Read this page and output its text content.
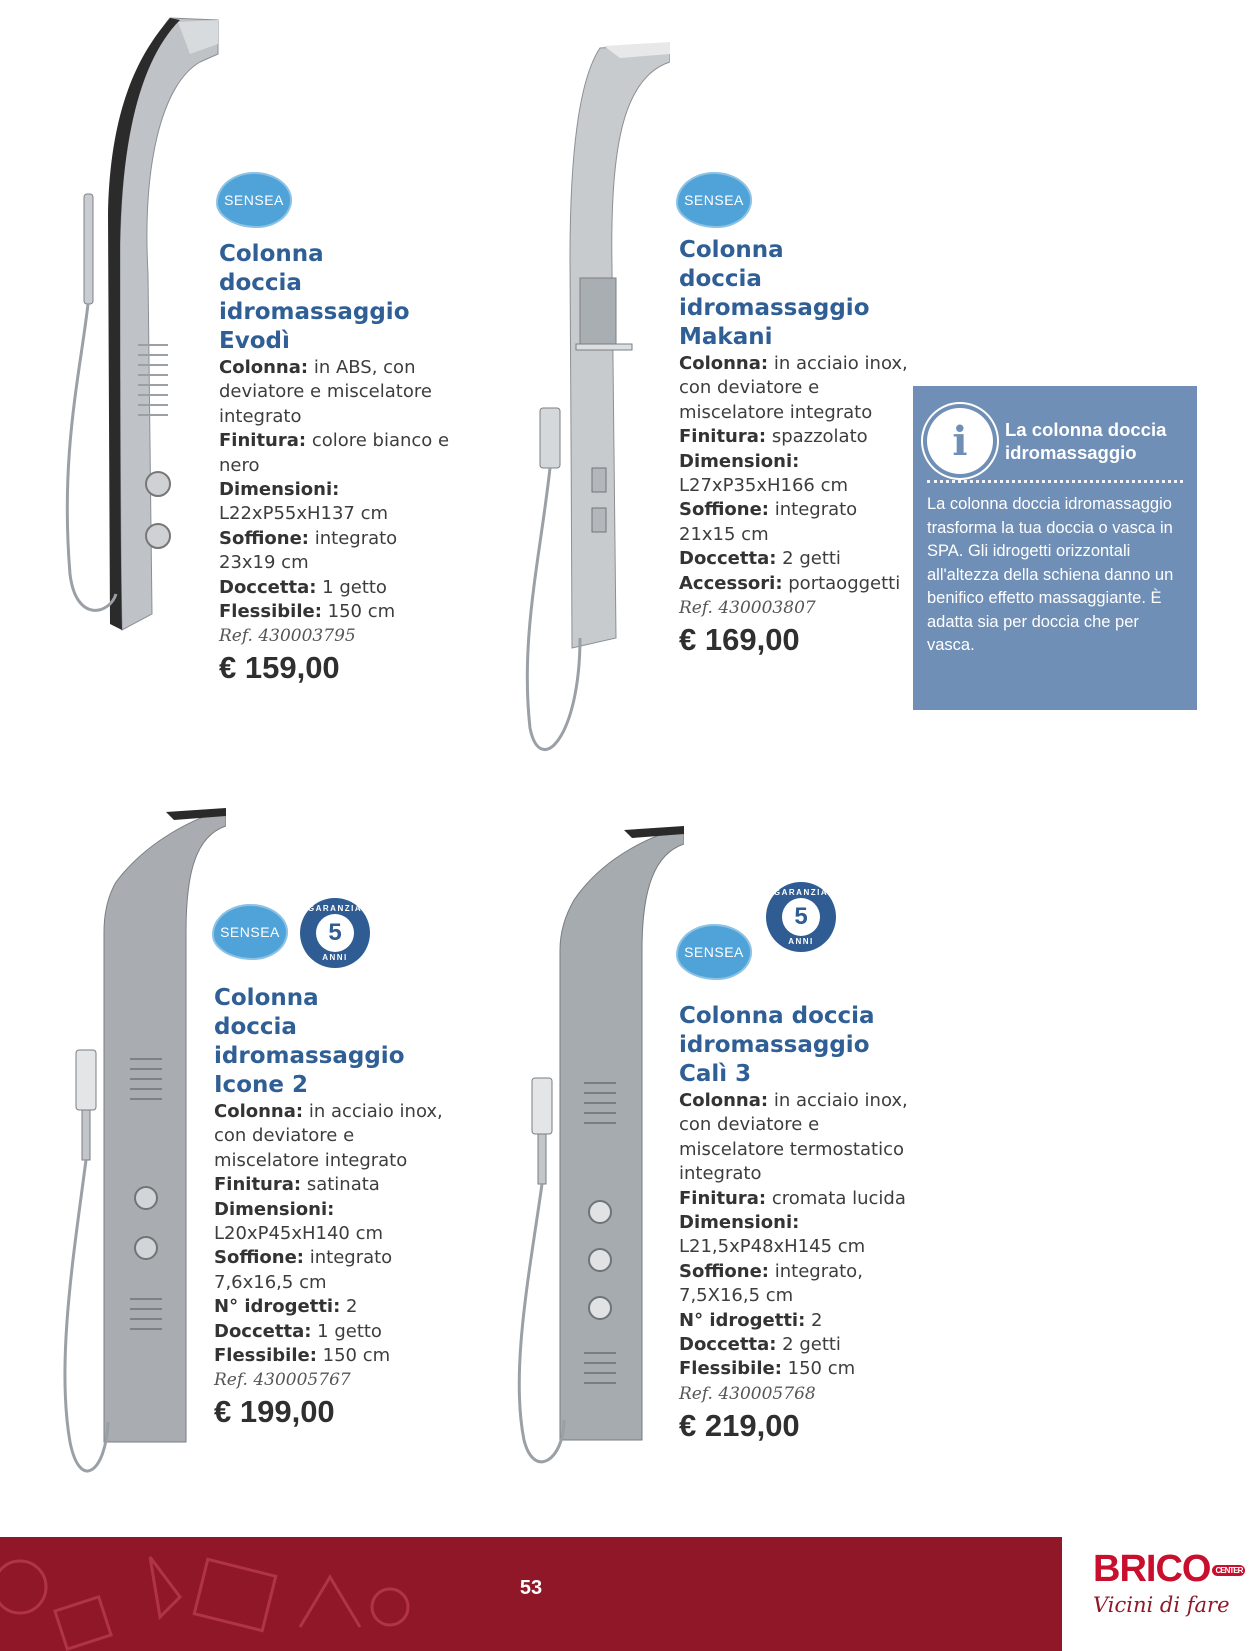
SENSEA
Colonna
doccia
idromassaggio
Evodì
Colonna: in ABS, con deviatore e miscelatore integrato
Finitura: colore bianco e nero
Dimensioni: L22xP55xH137 cm
Soffione: integrato 23x19 cm
Doccetta: 1 getto
Flessibile: 150 cm
Ref. 430003795
€ 159,00
SENSEA
Colonna
doccia
idromassaggio
Makani
Colonna: in acciaio inox, con deviatore e miscelatore integrato
Finitura: spazzolato
Dimensioni: L27xP35xH166 cm
Soffione: integrato 21x15 cm
Doccetta: 2 getti
Accessori: portaoggetti
Ref. 430003807
€ 169,00
i	La colonna doccia
idromassaggio
La colonna doccia idromassaggio trasforma la tua doccia o vasca in SPA. Gli idrogetti orizzontali all'altezza della schiena danno un benifico effetto massaggiante. È adatta sia per doccia che per vasca.
SENSEA
GARANZIA
5
ANNI
Colonna
doccia
idromassaggio
Icone 2
Colonna: in acciaio inox, con deviatore e miscelatore integrato
Finitura: satinata
Dimensioni: L20xP45xH140 cm
Soffione: integrato 7,6x16,5 cm
N° idrogetti: 2
Doccetta: 1 getto
Flessibile: 150 cm
Ref. 430005767
€ 199,00
SENSEA
GARANZIA
5
ANNI
Colonna doccia
idromassaggio
Calì 3
Colonna: in acciaio inox, con deviatore e miscelatore termostatico integrato
Finitura: cromata lucida
Dimensioni: L21,5xP48xH145 cm
Soffione: integrato, 7,5X16,5 cm
N° idrogetti: 2
Doccetta: 2 getti
Flessibile: 150 cm
Ref. 430005768
€ 219,00
53	BRICO CENTER
Vicini di fare
